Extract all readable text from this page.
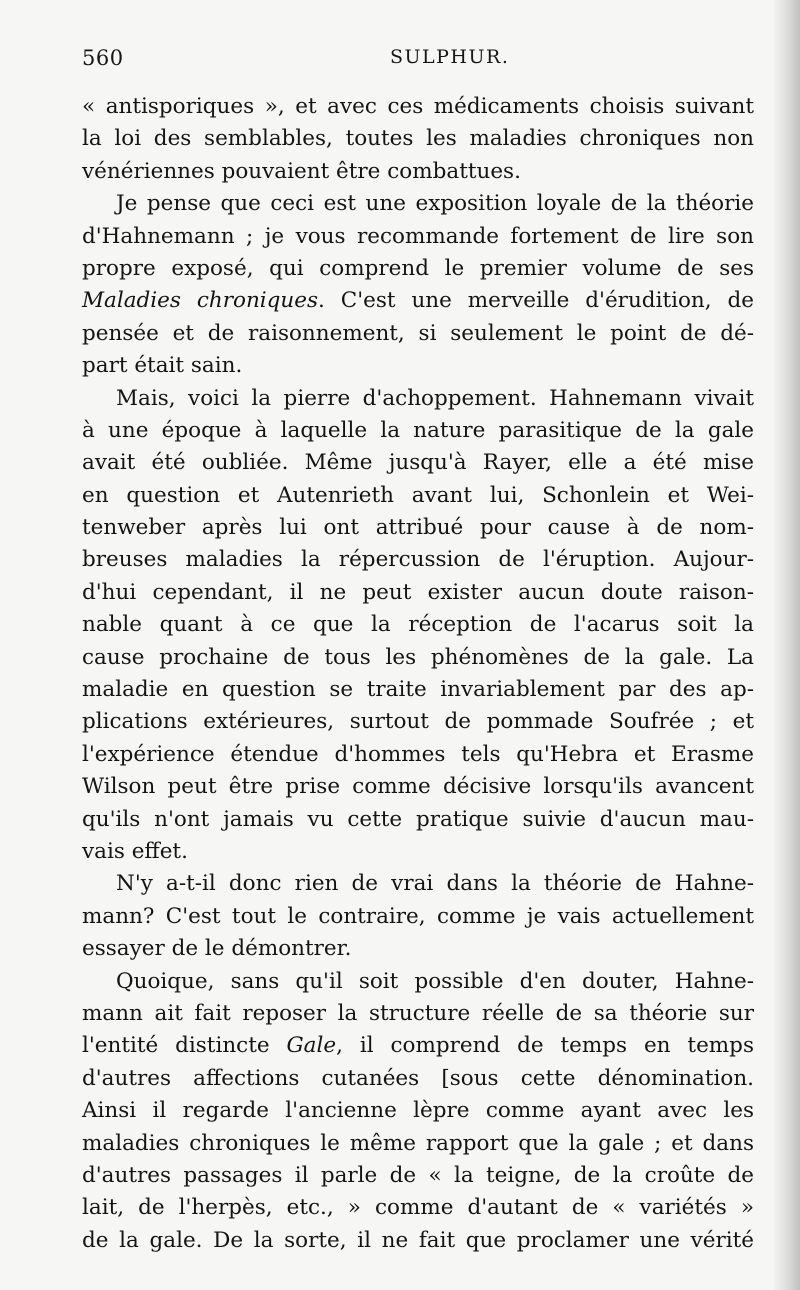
560	SULPHUR.
« antisporiques », et avec ces médicaments choisis suivant
la loi des semblables, toutes les maladies chroniques non
vénériennes pouvaient être combattues.
Je pense que ceci est une exposition loyale de la théorie
d'Hahnemann ; je vous recommande fortement de lire son
propre exposé, qui comprend le premier volume de ses
Maladies chroniques. C'est une merveille d'érudition, de
pensée et de raisonnement, si seulement le point de dé-
part était sain.
Mais, voici la pierre d'achoppement. Hahnemann vivait
à une époque à laquelle la nature parasitique de la gale
avait été oubliée. Même jusqu'à Rayer, elle a été mise
en question et Autenrieth avant lui, Schonlein et Wei-
tenweber après lui ont attribué pour cause à de nom-
breuses maladies la répercussion de l'éruption. Aujour-
d'hui cependant, il ne peut exister aucun doute raison-
nable quant à ce que la réception de l'acarus soit la
cause prochaine de tous les phénomènes de la gale. La
maladie en question se traite invariablement par des ap-
plications extérieures, surtout de pommade Soufrée ; et
l'expérience étendue d'hommes tels qu'Hebra et Erasme
Wilson peut être prise comme décisive lorsqu'ils avancent
qu'ils n'ont jamais vu cette pratique suivie d'aucun mau-
vais effet.
N'y a-t-il donc rien de vrai dans la théorie de Hahne-
mann? C'est tout le contraire, comme je vais actuellement
essayer de le démontrer.
Quoique, sans qu'il soit possible d'en douter, Hahne-
mann ait fait reposer la structure réelle de sa théorie sur
l'entité distincte Gale, il comprend de temps en temps
d'autres affections cutanées [sous cette dénomination.
Ainsi il regarde l'ancienne lèpre comme ayant avec les
maladies chroniques le même rapport que la gale ; et dans
d'autres passages il parle de « la teigne, de la croûte de
lait, de l'herpès, etc., » comme d'autant de « variétés »
de la gale. De la sorte, il ne fait que proclamer une vérité
